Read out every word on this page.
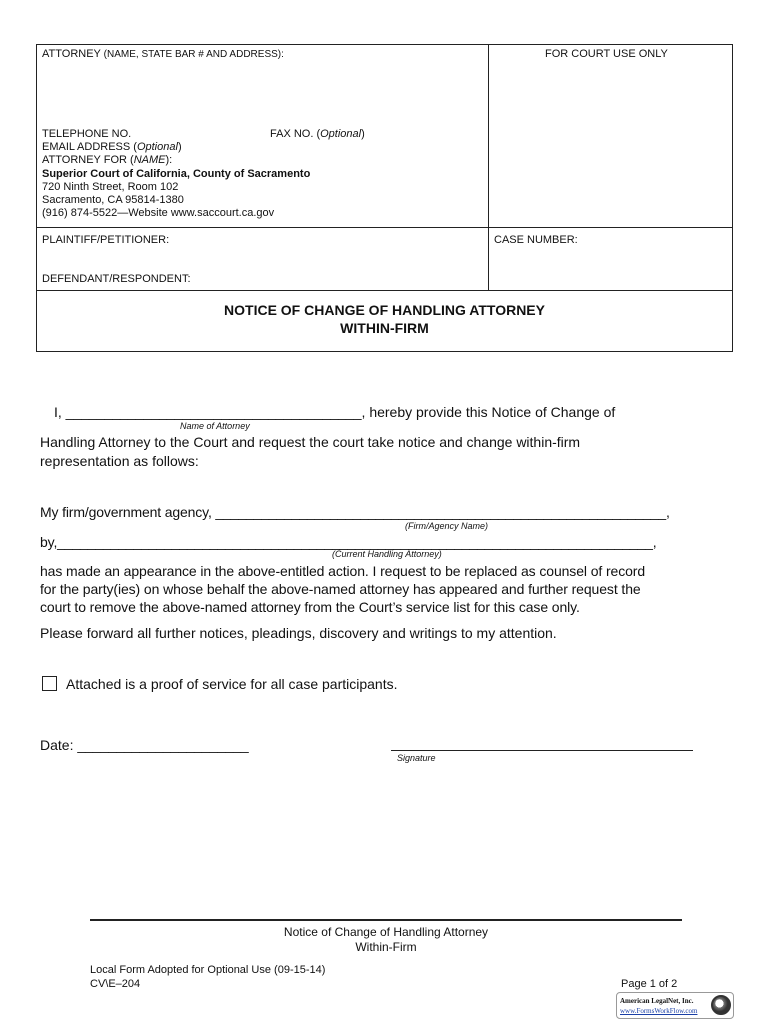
ATTORNEY (NAME, STATE BAR # AND ADDRESS):	FOR COURT USE ONLY
TELEPHONE NO.	FAX NO. (Optional)
EMAIL ADDRESS (Optional)
ATTORNEY FOR (NAME):
Superior Court of California, County of Sacramento
720 Ninth Street, Room 102
Sacramento, CA 95814-1380
(916) 874-5522—Website www.saccourt.ca.gov
PLAINTIFF/PETITIONER:	CASE NUMBER:
DEFENDANT/RESPONDENT:
NOTICE OF CHANGE OF HANDLING ATTORNEY
WITHIN-FIRM
I, ______________________________________, hereby provide this Notice of Change of
Name of Attorney
Handling Attorney to the Court and request the court take notice and change within-firm
representation as follows:
My firm/government agency, ___________________________________________________________,
(Firm/Agency Name)
by,______________________________________________________________________________,
(Current Handling Attorney)
has made an appearance in the above-entitled action. I request to be replaced as counsel of record
for the party(ies) on whose behalf the above-named attorney has appeared and further request the
court to remove the above-named attorney from the Court’s service list for this case only.
Please forward all further notices, pleadings, discovery and writings to my attention.
Attached is a proof of service for all case participants.
Date: ______________________
Signature
Notice of Change of Handling Attorney
Within-Firm
Local Form Adopted for Optional Use (09-15-14)
CV\E–204	Page 1 of 2
American LegalNet, Inc.
www.FormsWorkFlow.com
